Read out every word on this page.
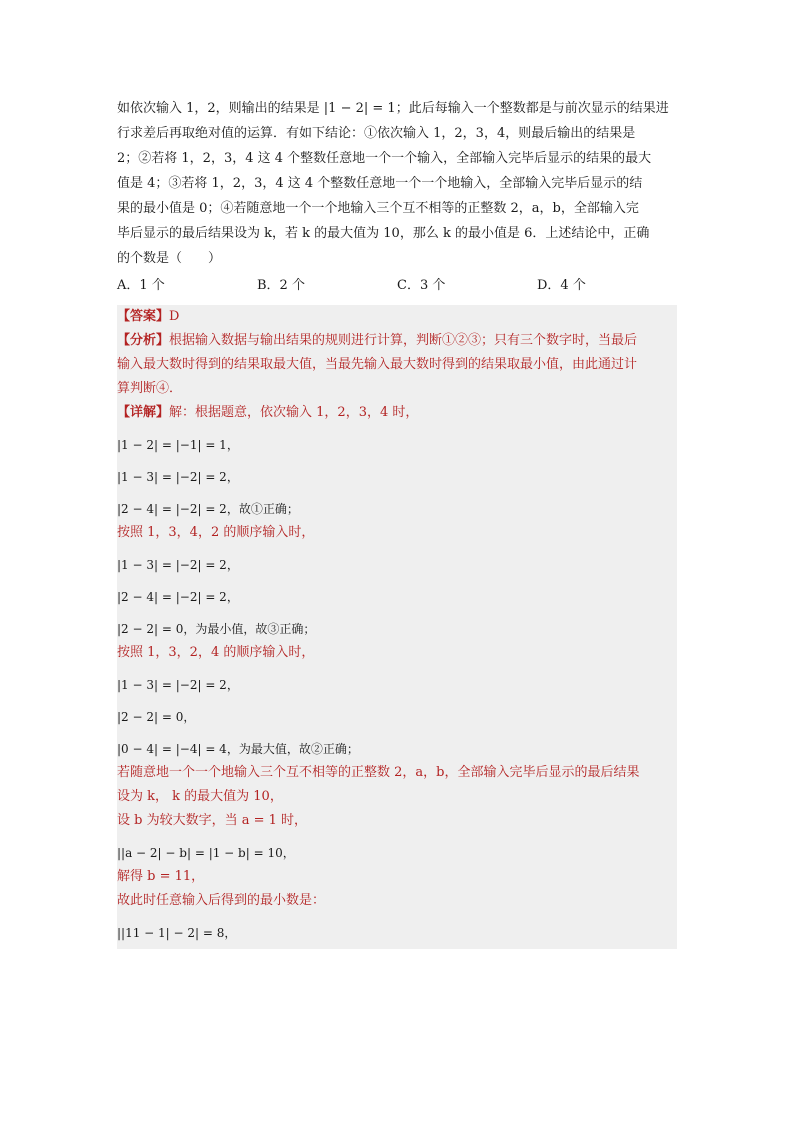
如依次输入 1，2，则输出的结果是 |1 − 2| = 1；此后每输入一个整数都是与前次显示的结果进

行求差后再取绝对值的运算．有如下结论：①依次输入 1，2，3，4，则最后输出的结果是

2；②若将 1，2，3，4 这 4 个整数任意地一个一个输入，全部输入完毕后显示的结果的最大

值是 4；③若将 1，2，3，4 这 4 个整数任意地一个一个地输入，全部输入完毕后显示的结

果的最小值是 0；④若随意地一个一个地输入三个互不相等的正整数 2，a，b，全部输入完

毕后显示的最后结果设为 k，若 k 的最大值为 10，那么 k 的最小值是 6．上述结论中，正确

的个数是（　　）

A．1 个	B．2 个	C．3 个	D．4 个

【答案】D

【分析】根据输入数据与输出结果的规则进行计算，判断①②③；只有三个数字时，当最后

输入最大数时得到的结果取最大值，当最先输入最大数时得到的结果取最小值，由此通过计

算判断④．

【详解】解：根据题意，依次输入 1，2，3，4 时，

|1 − 2| = |−1| = 1，

|1 − 3| = |−2| = 2，

|2 − 4| = |−2| = 2，故①正确；

按照 1，3，4，2 的顺序输入时，

|1 − 3| = |−2| = 2，

|2 − 4| = |−2| = 2，

|2 − 2| = 0，为最小值，故③正确；

按照 1，3，2，4 的顺序输入时，

|1 − 3| = |−2| = 2，

|2 − 2| = 0，

|0 − 4| = |−4| = 4，为最大值，故②正确；

若随意地一个一个地输入三个互不相等的正整数 2，a，b，全部输入完毕后显示的最后结果

设为 k， k 的最大值为 10，

设 b 为较大数字，当 a = 1 时，

||a − 2| − b| = |1 − b| = 10，

解得 b = 11，

故此时任意输入后得到的最小数是：

||11 − 1| − 2| = 8，
